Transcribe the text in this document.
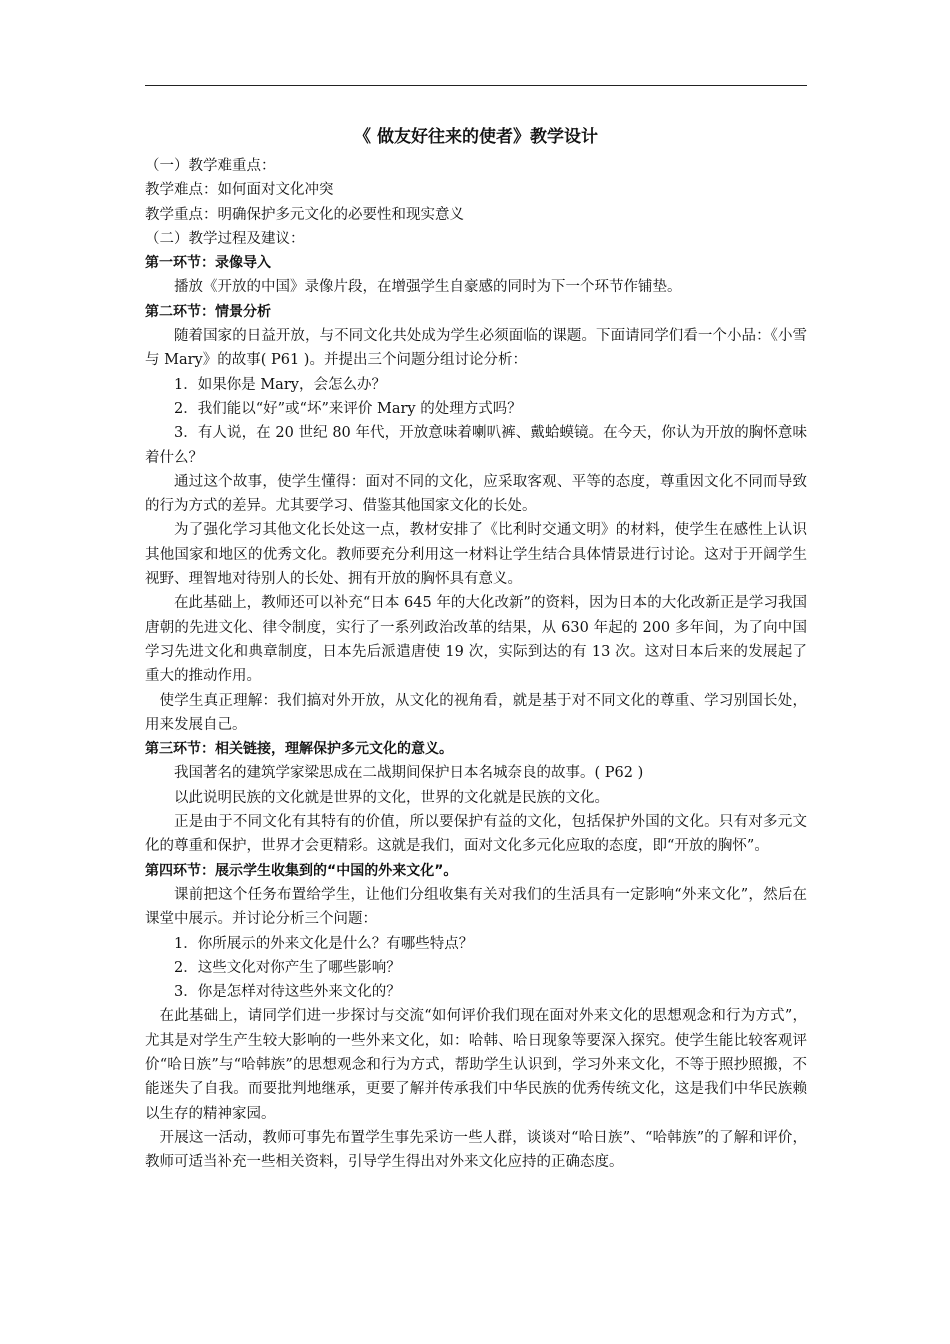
《 做友好往来的使者》教学设计

（一）教学难重点：

教学难点：如何面对文化冲突

教学重点：明确保护多元文化的必要性和现实意义

（二）教学过程及建议：

第一环节：录像导入

播放《开放的中国》录像片段，在增强学生自豪感的同时为下一个环节作铺垫。

第二环节：情景分析

随着国家的日益开放，与不同文化共处成为学生必须面临的课题。下面请同学们看一个小品：《小雪与 Mary》的故事( P61 )。并提出三个问题分组讨论分析：

1．如果你是 Mary，会怎么办？

2．我们能以“好”或“坏”来评价 Mary 的处理方式吗？

3．有人说，在 20 世纪 80 年代，开放意味着喇叭裤、戴蛤蟆镜。在今天，你认为开放的胸怀意味着什么？

通过这个故事，使学生懂得：面对不同的文化，应采取客观、平等的态度，尊重因文化不同而导致的行为方式的差异。尤其要学习、借鉴其他国家文化的长处。

为了强化学习其他文化长处这一点，教材安排了《比利时交通文明》的材料，使学生在感性上认识其他国家和地区的优秀文化。教师要充分利用这一材料让学生结合具体情景进行讨论。这对于开阔学生视野、理智地对待别人的长处、拥有开放的胸怀具有意义。

在此基础上，教师还可以补充“日本 645 年的大化改新”的资料，因为日本的大化改新正是学习我国唐朝的先进文化、律令制度，实行了一系列政治改革的结果，从 630 年起的 200 多年间，为了向中国学习先进文化和典章制度，日本先后派遣唐使 19 次，实际到达的有 13 次。这对日本后来的发展起了重大的推动作用。

使学生真正理解：我们搞对外开放，从文化的视角看，就是基于对不同文化的尊重、学习别国长处，用来发展自己。

第三环节：相关链接，理解保护多元文化的意义。

我国著名的建筑学家梁思成在二战期间保护日本名城奈良的故事。( P62 )

以此说明民族的文化就是世界的文化，世界的文化就是民族的文化。

正是由于不同文化有其特有的价值，所以要保护有益的文化，包括保护外国的文化。只有对多元文化的尊重和保护，世界才会更精彩。这就是我们，面对文化多元化应取的态度，即“开放的胸怀”。

第四环节：展示学生收集到的“中国的外来文化”。

课前把这个任务布置给学生，让他们分组收集有关对我们的生活具有一定影响“外来文化”，然后在课堂中展示。并讨论分析三个问题：

1．你所展示的外来文化是什么？有哪些特点？

2．这些文化对你产生了哪些影响？

3．你是怎样对待这些外来文化的？

在此基础上，请同学们进一步探讨与交流“如何评价我们现在面对外来文化的思想观念和行为方式”，尤其是对学生产生较大影响的一些外来文化，如：哈韩、哈日现象等要深入探究。使学生能比较客观评价“哈日族”与“哈韩族”的思想观念和行为方式，帮助学生认识到，学习外来文化，不等于照抄照搬，不能迷失了自我。而要批判地继承，更要了解并传承我们中华民族的优秀传统文化，这是我们中华民族赖以生存的精神家园。

开展这一活动，教师可事先布置学生事先采访一些人群，谈谈对“哈日族”、“哈韩族”的了解和评价，教师可适当补充一些相关资料，引导学生得出对外来文化应持的正确态度。
